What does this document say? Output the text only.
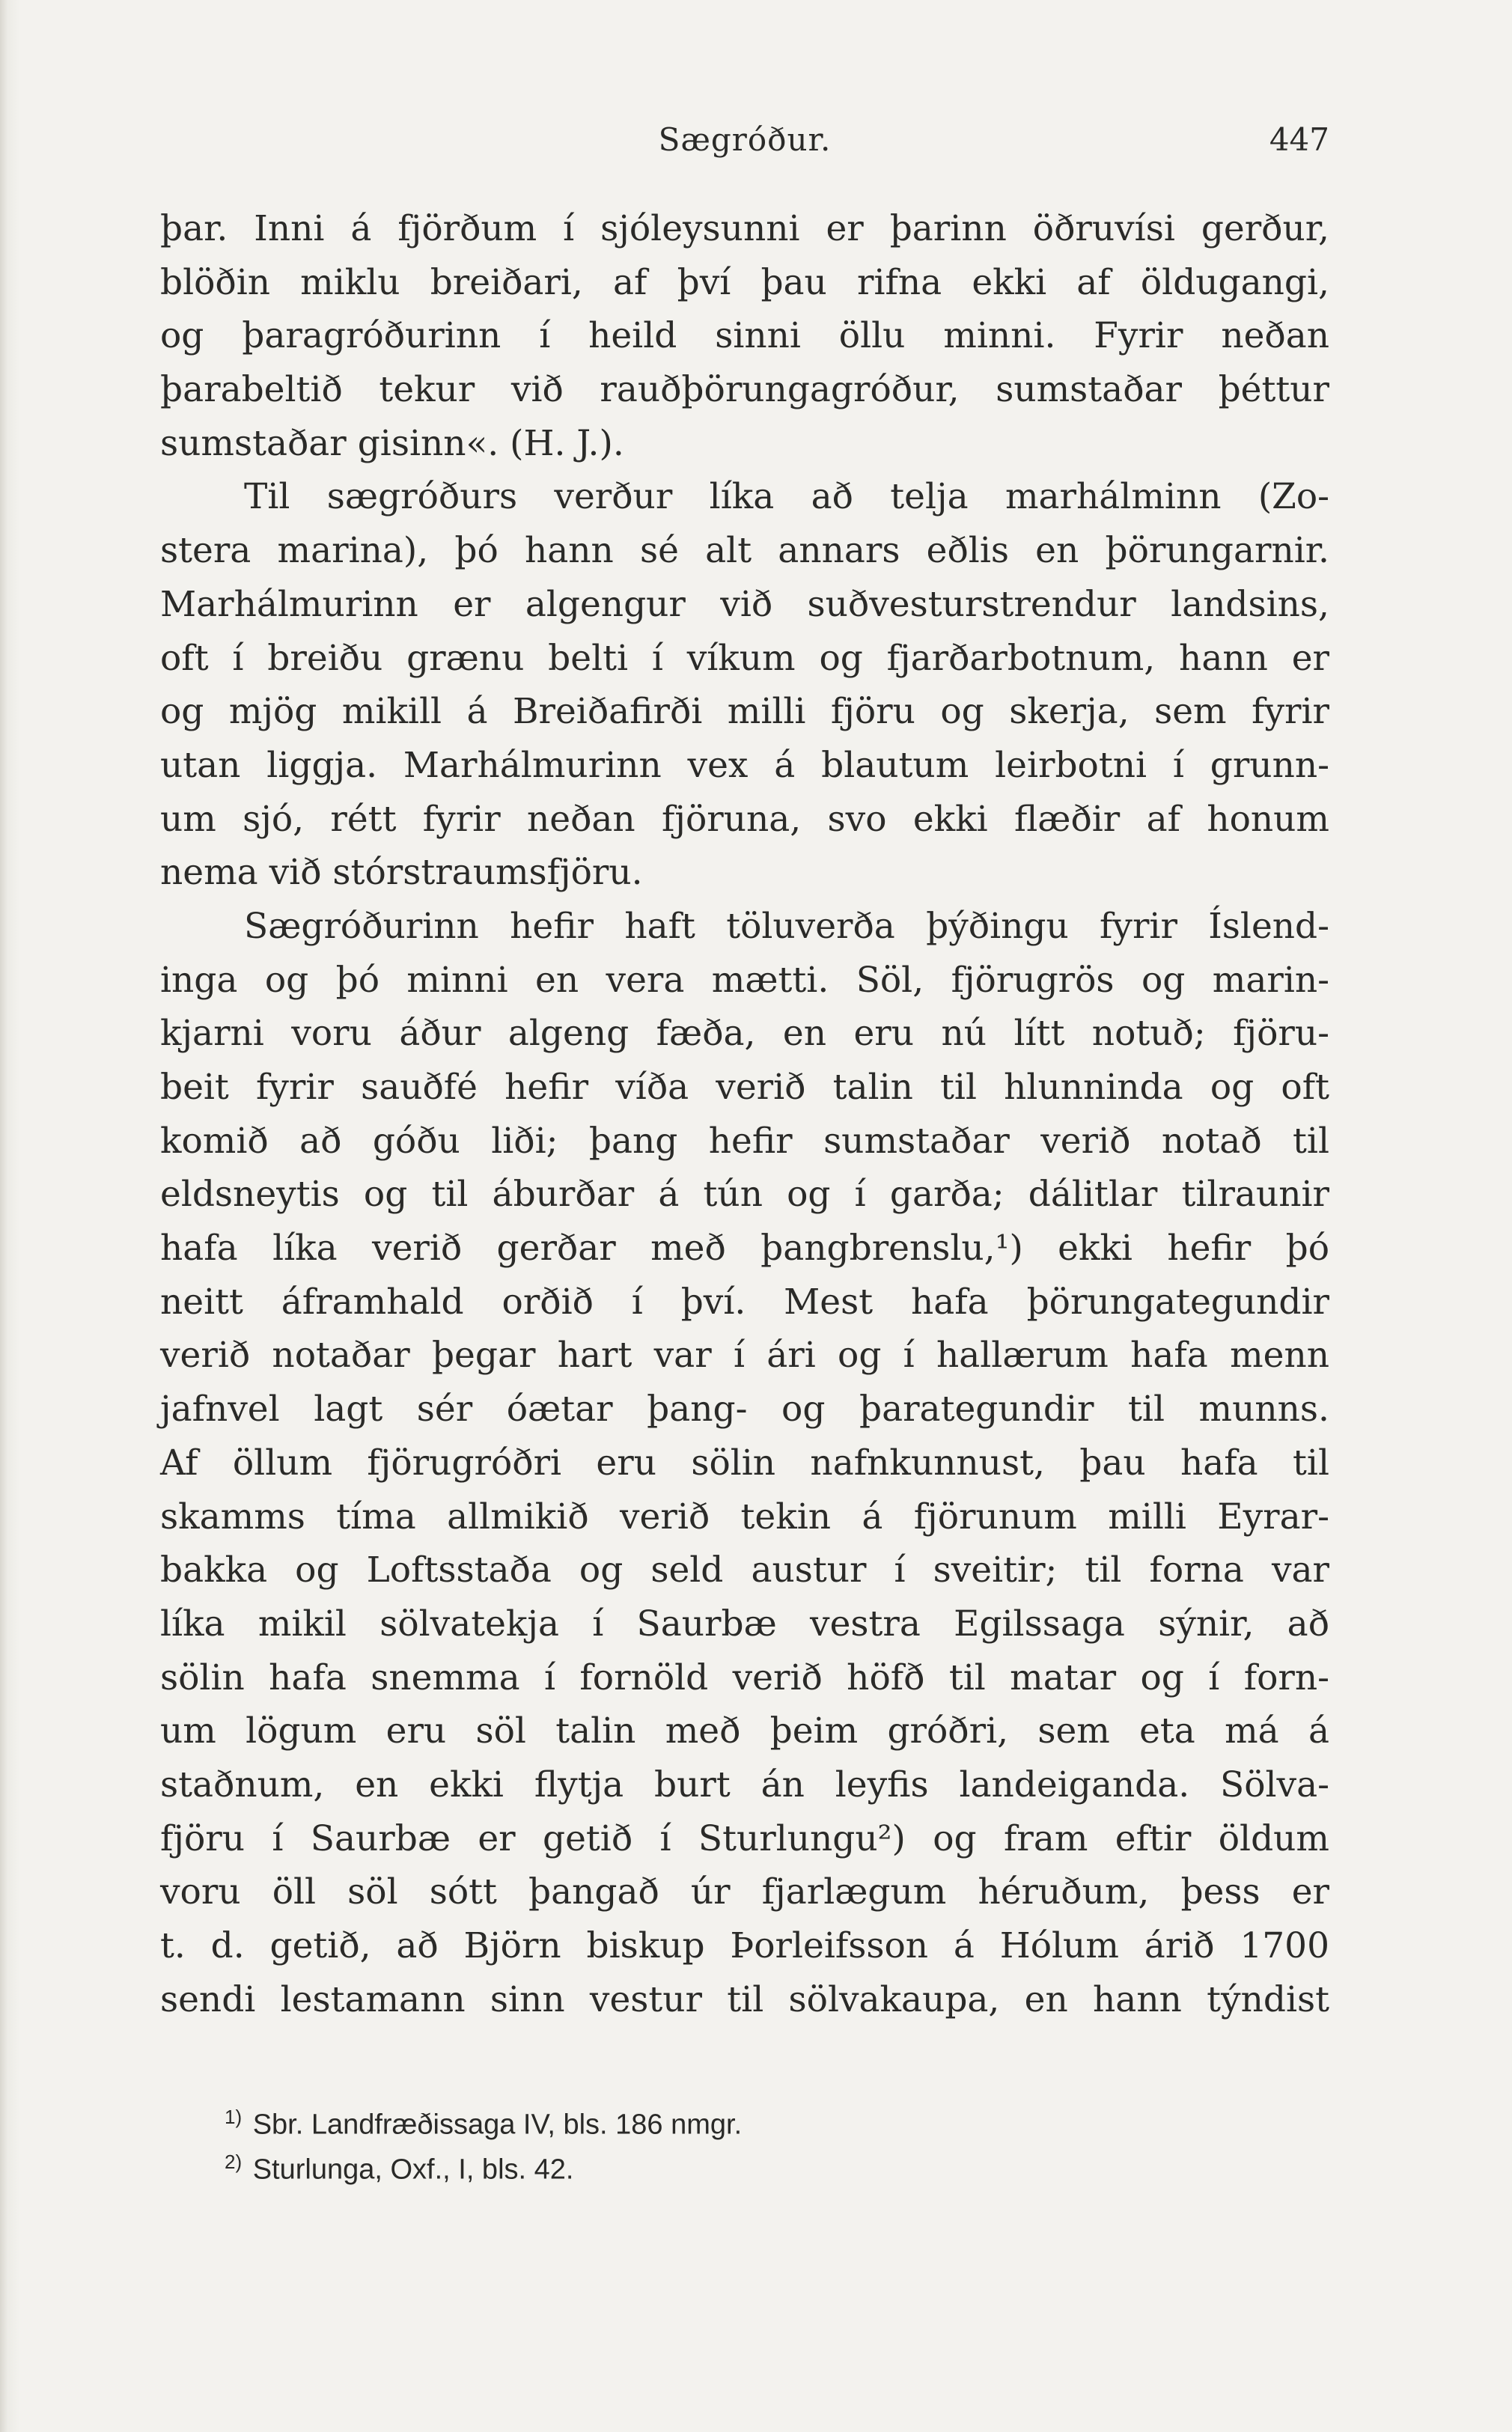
Sægróður.	447
þar. Inni á fjörðum í sjóleysunni er þarinn öðruvísi gerður,
blöðin miklu breiðari, af því þau rifna ekki af öldugangi,
og þaragróðurinn í heild sinni öllu minni. Fyrir neðan
þarabeltið tekur við rauðþörungagróður, sumstaðar þéttur
sumstaðar gisinn«. (H. J.).
Til sægróðurs verður líka að telja marhálminn (Zo-
stera marina), þó hann sé alt annars eðlis en þörungarnir.
Marhálmurinn er algengur við suðvesturstrendur landsins,
oft í breiðu grænu belti í víkum og fjarðarbotnum, hann er
og mjög mikill á Breiðafirði milli fjöru og skerja, sem fyrir
utan liggja. Marhálmurinn vex á blautum leirbotni í grunn-
um sjó, rétt fyrir neðan fjöruna, svo ekki flæðir af honum
nema við stórstraumsfjöru.
Sægróðurinn hefir haft töluverða þýðingu fyrir Íslend-
inga og þó minni en vera mætti. Söl, fjörugrös og marin-
kjarni voru áður algeng fæða, en eru nú lítt notuð; fjöru-
beit fyrir sauðfé hefir víða verið talin til hlunninda og oft
komið að góðu liði; þang hefir sumstaðar verið notað til
eldsneytis og til áburðar á tún og í garða; dálitlar tilraunir
hafa líka verið gerðar með þangbrenslu,¹) ekki hefir þó
neitt áframhald orðið í því. Mest hafa þörungategundir
verið notaðar þegar hart var í ári og í hallærum hafa menn
jafnvel lagt sér óætar þang- og þarategundir til munns.
Af öllum fjörugróðri eru sölin nafnkunnust, þau hafa til
skamms tíma allmikið verið tekin á fjörunum milli Eyrar-
bakka og Loftsstaða og seld austur í sveitir; til forna var
líka mikil sölvatekja í Saurbæ vestra Egilssaga sýnir, að
sölin hafa snemma í fornöld verið höfð til matar og í forn-
um lögum eru söl talin með þeim gróðri, sem eta má á
staðnum, en ekki flytja burt án leyfis landeiganda. Sölva-
fjöru í Saurbæ er getið í Sturlungu²) og fram eftir öldum
voru öll söl sótt þangað úr fjarlægum héruðum, þess er
t. d. getið, að Björn biskup Þorleifsson á Hólum árið 1700
sendi lestamann sinn vestur til sölvakaupa, en hann týndist
$^{1)}$ Sbr. Landfræðissaga IV, bls. 186 nmgr.
$^{2)}$ Sturlunga, Oxf., I, bls. 42.
